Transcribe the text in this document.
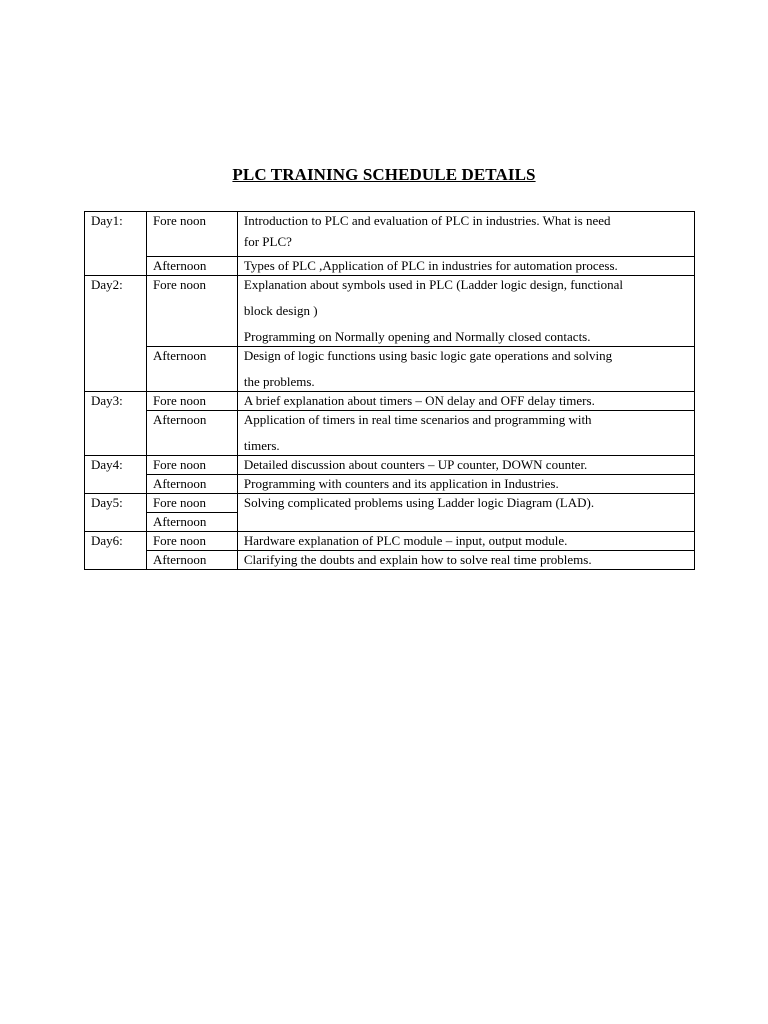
PLC TRAINING SCHEDULE DETAILS
Day1:	Fore noon	Introduction to PLC and evaluation of PLC in industries. What is need
for PLC?

	Afternoon	Types of PLC ,Application of PLC in industries for automation process.

Day2:	Fore noon	Explanation about symbols used in PLC (Ladder logic design, functional
block design )
Programming on Normally opening and Normally closed contacts.

	Afternoon	Design of logic functions using basic logic gate operations and solving
the problems.

Day3:	Fore noon	A brief explanation about timers – ON delay and OFF delay timers.

	Afternoon	Application of timers in real time scenarios and programming with
timers.

Day4:	Fore noon	Detailed discussion about counters – UP counter, DOWN counter.

	Afternoon	Programming with counters and its application in Industries.

Day5:	Fore noon	Solving complicated problems using Ladder logic Diagram (LAD).

	Afternoon	
Day6:	Fore noon	Hardware explanation of PLC module – input, output module.

	Afternoon	Clarifying the doubts and explain how to solve real time problems.
